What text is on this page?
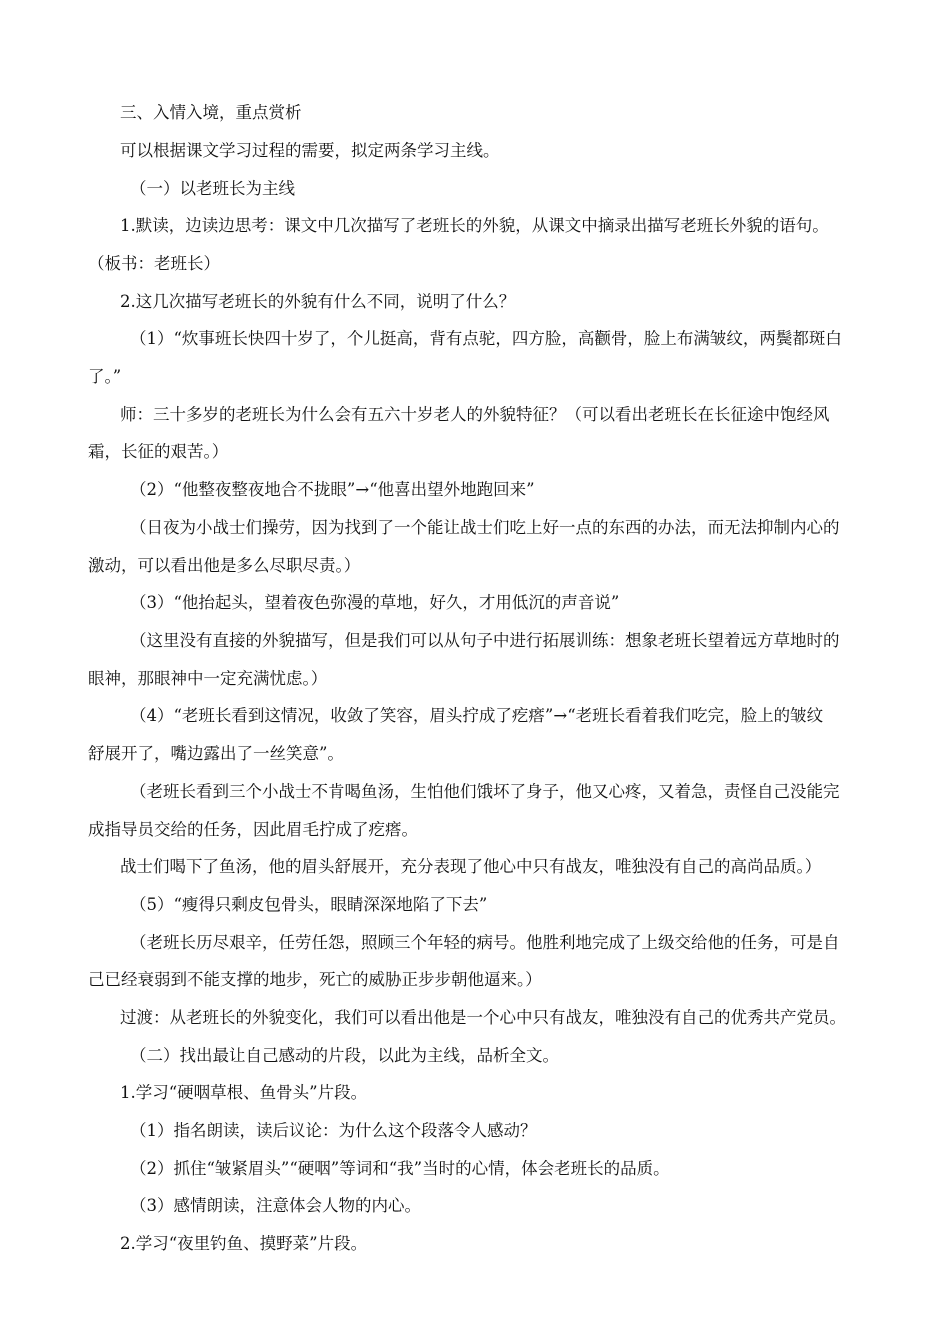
三、入情入境，重点赏析
可以根据课文学习过程的需要，拟定两条学习主线。
（一）以老班长为主线
1.默读，边读边思考：课文中几次描写了老班长的外貌，从课文中摘录出描写老班长外貌的语句。
（板书：老班长）
2.这几次描写老班长的外貌有什么不同，说明了什么？
（1）“炊事班长快四十岁了，个儿挺高，背有点驼，四方脸，高颧骨，脸上布满皱纹，两鬓都斑白
了。”
师：三十多岁的老班长为什么会有五六十岁老人的外貌特征？（可以看出老班长在长征途中饱经风
霜，长征的艰苦。）
（2）“他整夜整夜地合不拢眼”→“他喜出望外地跑回来”
（日夜为小战士们操劳，因为找到了一个能让战士们吃上好一点的东西的办法，而无法抑制内心的
激动，可以看出他是多么尽职尽责。）
（3）“他抬起头，望着夜色弥漫的草地，好久，才用低沉的声音说”
（这里没有直接的外貌描写，但是我们可以从句子中进行拓展训练：想象老班长望着远方草地时的
眼神，那眼神中一定充满忧虑。）
（4）“老班长看到这情况，收敛了笑容，眉头拧成了疙瘩”→“老班长看着我们吃完，脸上的皱纹
舒展开了，嘴边露出了一丝笑意”。
（老班长看到三个小战士不肯喝鱼汤，生怕他们饿坏了身子，他又心疼，又着急，责怪自己没能完
成指导员交给的任务，因此眉毛拧成了疙瘩。
战士们喝下了鱼汤，他的眉头舒展开，充分表现了他心中只有战友，唯独没有自己的高尚品质。）
（5）“瘦得只剩皮包骨头，眼睛深深地陷了下去”
（老班长历尽艰辛，任劳任怨，照顾三个年轻的病号。他胜利地完成了上级交给他的任务，可是自
己已经衰弱到不能支撑的地步，死亡的威胁正步步朝他逼来。）
过渡：从老班长的外貌变化，我们可以看出他是一个心中只有战友，唯独没有自己的优秀共产党员。
（二）找出最让自己感动的片段，以此为主线，品析全文。
1.学习“硬咽草根、鱼骨头”片段。
（1）指名朗读，读后议论：为什么这个段落令人感动？
（2）抓住“皱紧眉头”“硬咽”等词和“我”当时的心情，体会老班长的品质。
（3）感情朗读，注意体会人物的内心。
2.学习“夜里钓鱼、摸野菜”片段。
